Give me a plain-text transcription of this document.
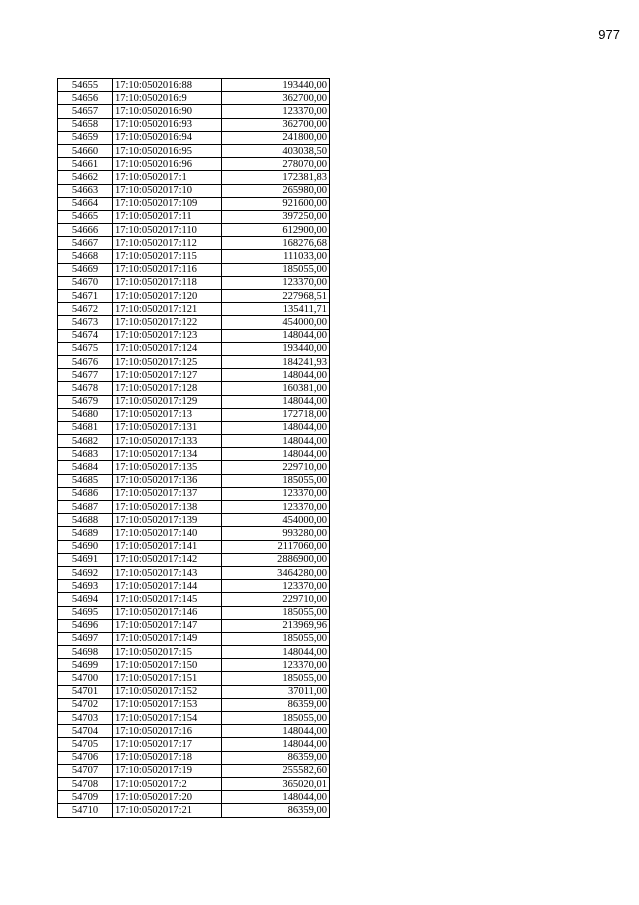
977
54655	17:10:0502016:88	193440,00
54656	17:10:0502016:9	362700,00
54657	17:10:0502016:90	123370,00
54658	17:10:0502016:93	362700,00
54659	17:10:0502016:94	241800,00
54660	17:10:0502016:95	403038,50
54661	17:10:0502016:96	278070,00
54662	17:10:0502017:1	172381,83
54663	17:10:0502017:10	265980,00
54664	17:10:0502017:109	921600,00
54665	17:10:0502017:11	397250,00
54666	17:10:0502017:110	612900,00
54667	17:10:0502017:112	168276,68
54668	17:10:0502017:115	111033,00
54669	17:10:0502017:116	185055,00
54670	17:10:0502017:118	123370,00
54671	17:10:0502017:120	227968,51
54672	17:10:0502017:121	135411,71
54673	17:10:0502017:122	454000,00
54674	17:10:0502017:123	148044,00
54675	17:10:0502017:124	193440,00
54676	17:10:0502017:125	184241,93
54677	17:10:0502017:127	148044,00
54678	17:10:0502017:128	160381,00
54679	17:10:0502017:129	148044,00
54680	17:10:0502017:13	172718,00
54681	17:10:0502017:131	148044,00
54682	17:10:0502017:133	148044,00
54683	17:10:0502017:134	148044,00
54684	17:10:0502017:135	229710,00
54685	17:10:0502017:136	185055,00
54686	17:10:0502017:137	123370,00
54687	17:10:0502017:138	123370,00
54688	17:10:0502017:139	454000,00
54689	17:10:0502017:140	993280,00
54690	17:10:0502017:141	2117060,00
54691	17:10:0502017:142	2886900,00
54692	17:10:0502017:143	3464280,00
54693	17:10:0502017:144	123370,00
54694	17:10:0502017:145	229710,00
54695	17:10:0502017:146	185055,00
54696	17:10:0502017:147	213969,96
54697	17:10:0502017:149	185055,00
54698	17:10:0502017:15	148044,00
54699	17:10:0502017:150	123370,00
54700	17:10:0502017:151	185055,00
54701	17:10:0502017:152	37011,00
54702	17:10:0502017:153	86359,00
54703	17:10:0502017:154	185055,00
54704	17:10:0502017:16	148044,00
54705	17:10:0502017:17	148044,00
54706	17:10:0502017:18	86359,00
54707	17:10:0502017:19	255582,60
54708	17:10:0502017:2	365020,01
54709	17:10:0502017:20	148044,00
54710	17:10:0502017:21	86359,00
